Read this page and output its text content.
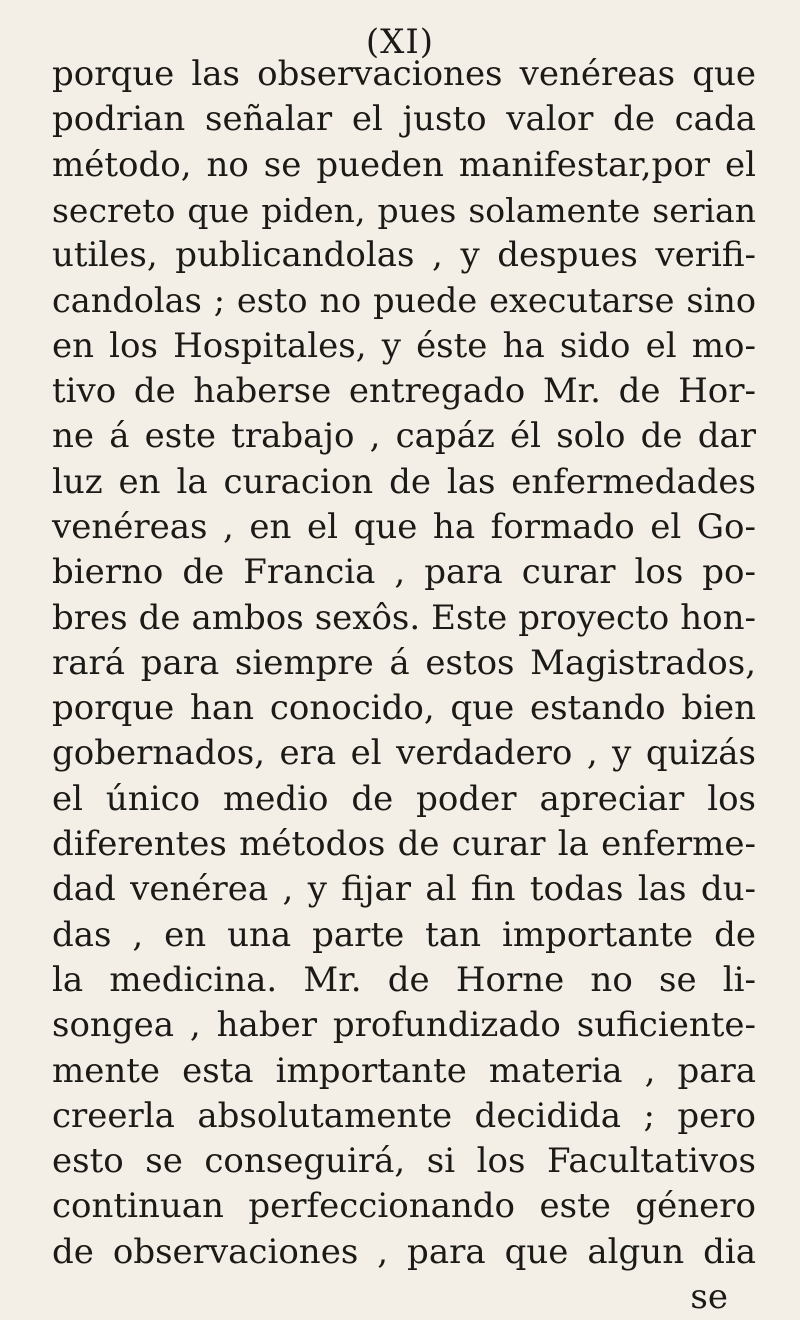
(XI)
porque las observaciones venéreas que
podrian señalar el justo valor de cada
método, no se pueden manifestar,por el
secreto que piden, pues solamente serian
utiles, publicandolas , y despues verifi-
candolas ; esto no puede executarse sino
en los Hospitales, y éste ha sido el mo-
tivo de haberse entregado Mr. de Hor-
ne á este trabajo , capáz él solo de dar
luz en la curacion de las enfermedades
venéreas , en el que ha formado el Go-
bierno de Francia , para curar los po-
bres de ambos sexôs. Este proyecto hon-
rará para siempre á estos Magistrados,
porque han conocido, que estando bien
gobernados, era el verdadero , y quizás
el único medio de poder apreciar los
diferentes métodos de curar la enferme-
dad venérea , y fijar al fin todas las du-
das , en una parte tan importante de
la medicina. Mr. de Horne no se li-
songea , haber profundizado suficiente-
mente esta importante materia , para
creerla absolutamente decidida ; pero
esto se conseguirá, si los Facultativos
continuan perfeccionando este género
de observaciones , para que algun dia
se
